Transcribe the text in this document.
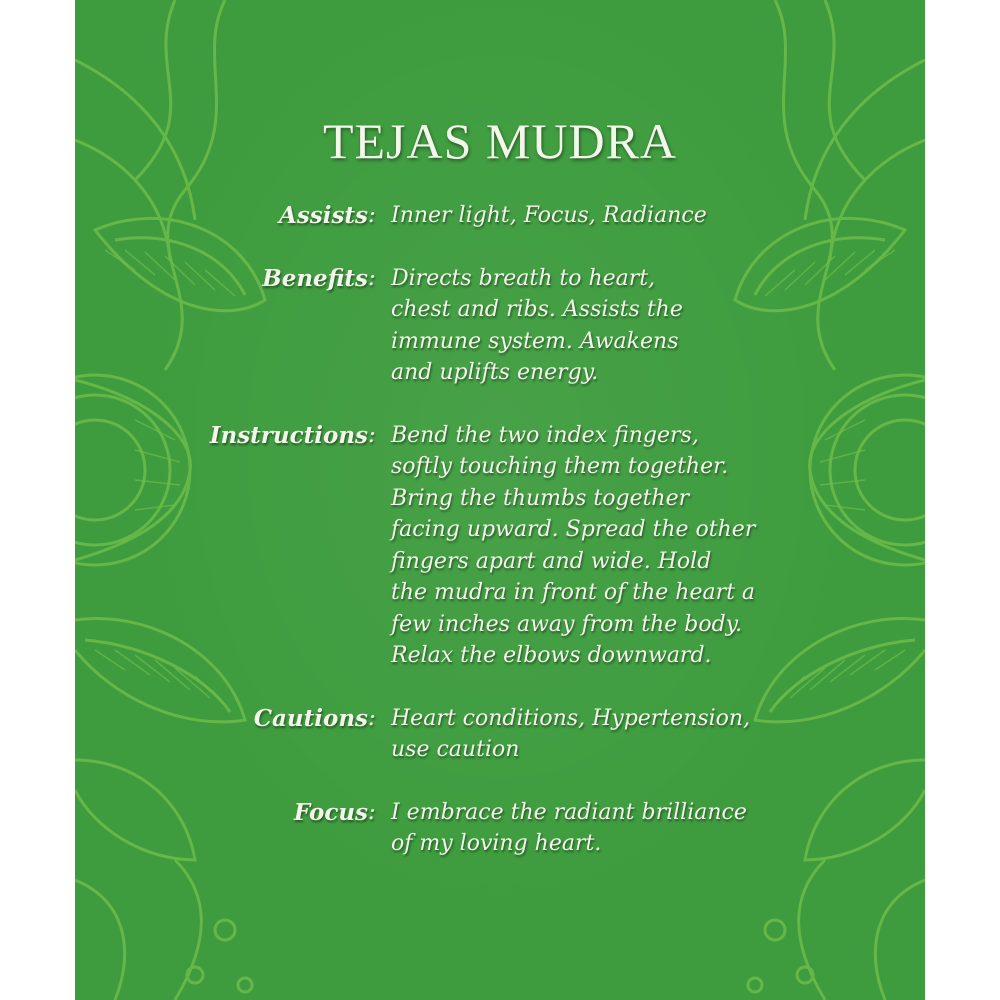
TEJAS MUDRA
Assists : Inner light, Focus, Radiance
Benefits : Directs breath to heart,
chest and ribs. Assists the
immune system. Awakens
and uplifts energy.
Instructions : Bend the two index fingers,
softly touching them together.
Bring the thumbs together
facing upward. Spread the other
fingers apart and wide. Hold
the mudra in front of the heart a
few inches away from the body.
Relax the elbows downward.
Cautions : Heart conditions, Hypertension,
use caution
Focus : I embrace the radiant brilliance
of my loving heart.
